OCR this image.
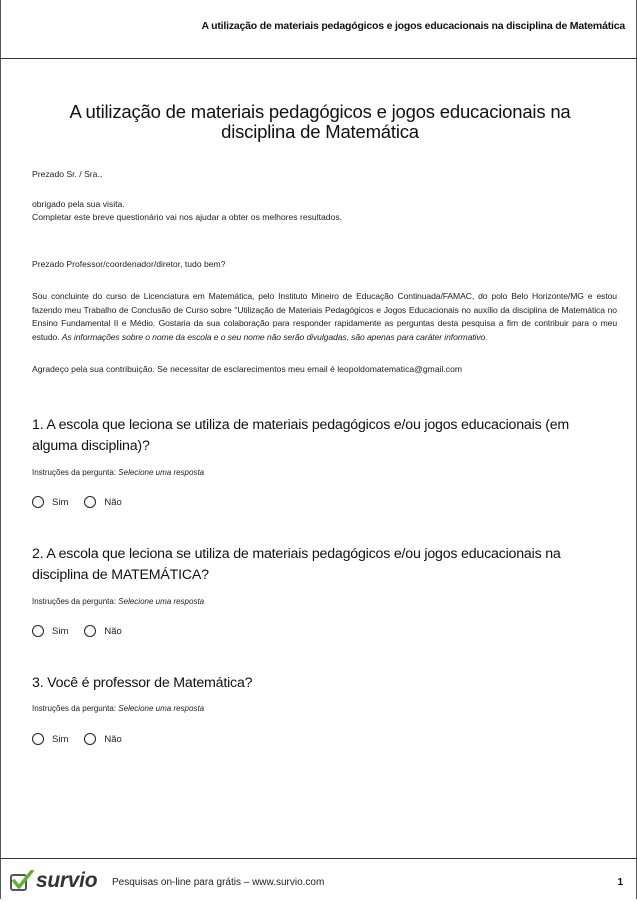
A utilização de materiais pedagógicos e jogos educacionais na disciplina de Matemática
A utilização de materiais pedagógicos e jogos educacionais na disciplina de Matemática
Prezado Sr. / Sra.,
obrigado pela sua visita.
Completar este breve questionário vai nos ajudar a obter os melhores resultados.
Prezado Professor/coordenador/diretor, tudo bem?
Sou concluinte do curso de Licenciatura em Matemática, pelo Instituto Mineiro de Educação Continuada/FAMAC, do polo Belo Horizonte/MG e estou fazendo meu Trabalho de Conclusão de Curso sobre "Utilização de Materiais Pedagógicos e Jogos Educacionais no auxílio da disciplina de Matemática no Ensino Fundamental II e Médio. Gostaria da sua colaboração para responder rapidamente as perguntas desta pesquisa a fim de contribuir para o meu estudo. As informações sobre o nome da escola e o seu nome não serão divulgadas, são apenas para caráter informativo.
Agradeço pela sua contribuição. Se necessitar de esclarecimentos meu email é leopoldomatematica@gmail.com
1. A escola que leciona se utiliza de materiais pedagógicos e/ou jogos educacionais (em alguma disciplina)?
Instruções da pergunta: Selecione uma resposta
Sim	Não
2. A escola que leciona se utiliza de materiais pedagógicos e/ou jogos educacionais na disciplina de MATEMÁTICA?
Instruções da pergunta: Selecione uma resposta
Sim	Não
3. Você é professor de Matemática?
Instruções da pergunta: Selecione uma resposta
Sim	Não
survio Pesquisas on-line para grátis – www.survio.com	1
